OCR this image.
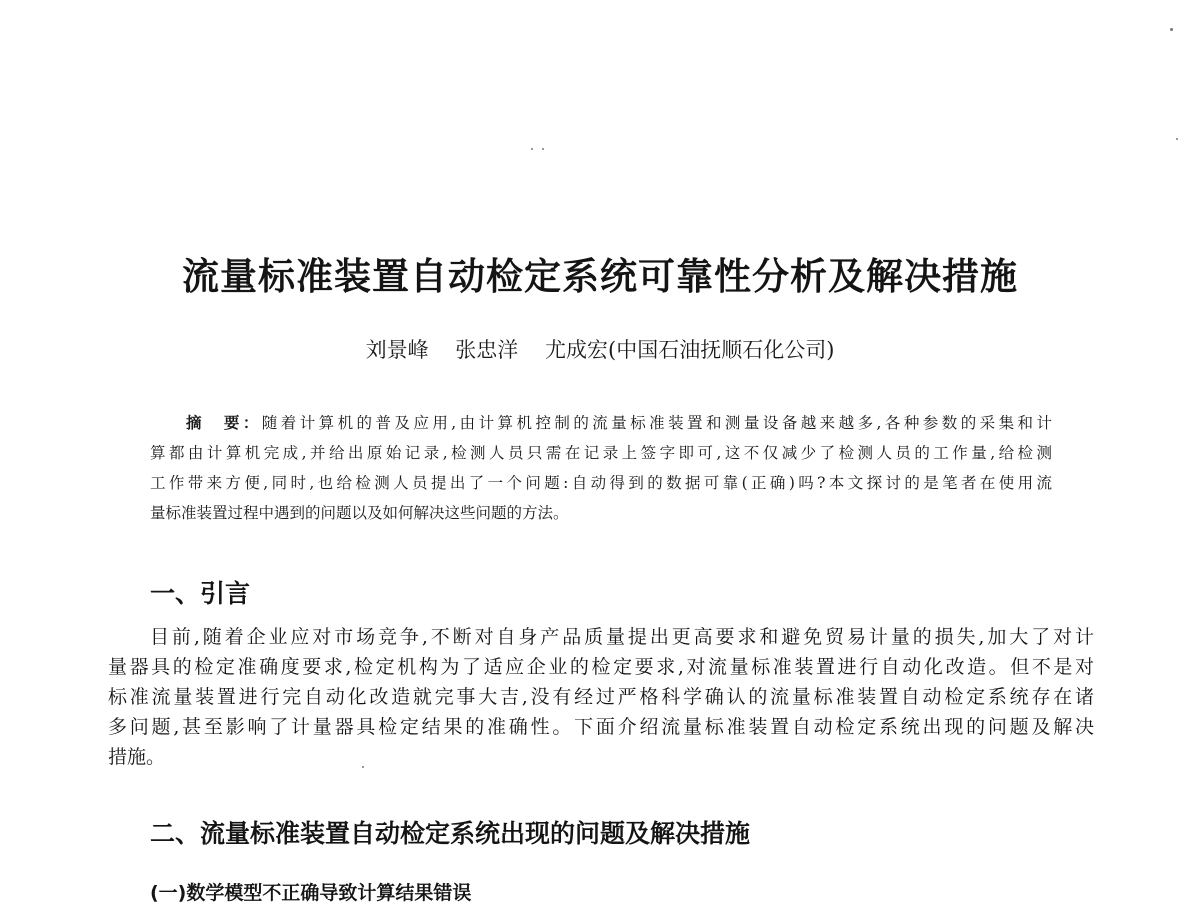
流量标准装置自动检定系统可靠性分析及解决措施
刘景峰 张忠洋 尤成宏(中国石油抚顺石化公司)
摘　要：随着计算机的普及应用,由计算机控制的流量标准装置和测量设备越来越多,各种参数的采集和计
算都由计算机完成,并给出原始记录,检测人员只需在记录上签字即可,这不仅减少了检测人员的工作量,给检测
工作带来方便,同时,也给检测人员提出了一个问题:自动得到的数据可靠(正确)吗?本文探讨的是笔者在使用流
量标准装置过程中遇到的问题以及如何解决这些问题的方法。
一、引言
目前,随着企业应对市场竞争,不断对自身产品质量提出更高要求和避免贸易计量的损失,加大了对计
量器具的检定准确度要求,检定机构为了适应企业的检定要求,对流量标准装置进行自动化改造。但不是对
标准流量装置进行完自动化改造就完事大吉,没有经过严格科学确认的流量标准装置自动检定系统存在诸
多问题,甚至影响了计量器具检定结果的准确性。下面介绍流量标准装置自动检定系统出现的问题及解决
措施。
二、流量标准装置自动检定系统出现的问题及解决措施
(一)数学模型不正确导致计算结果错误
